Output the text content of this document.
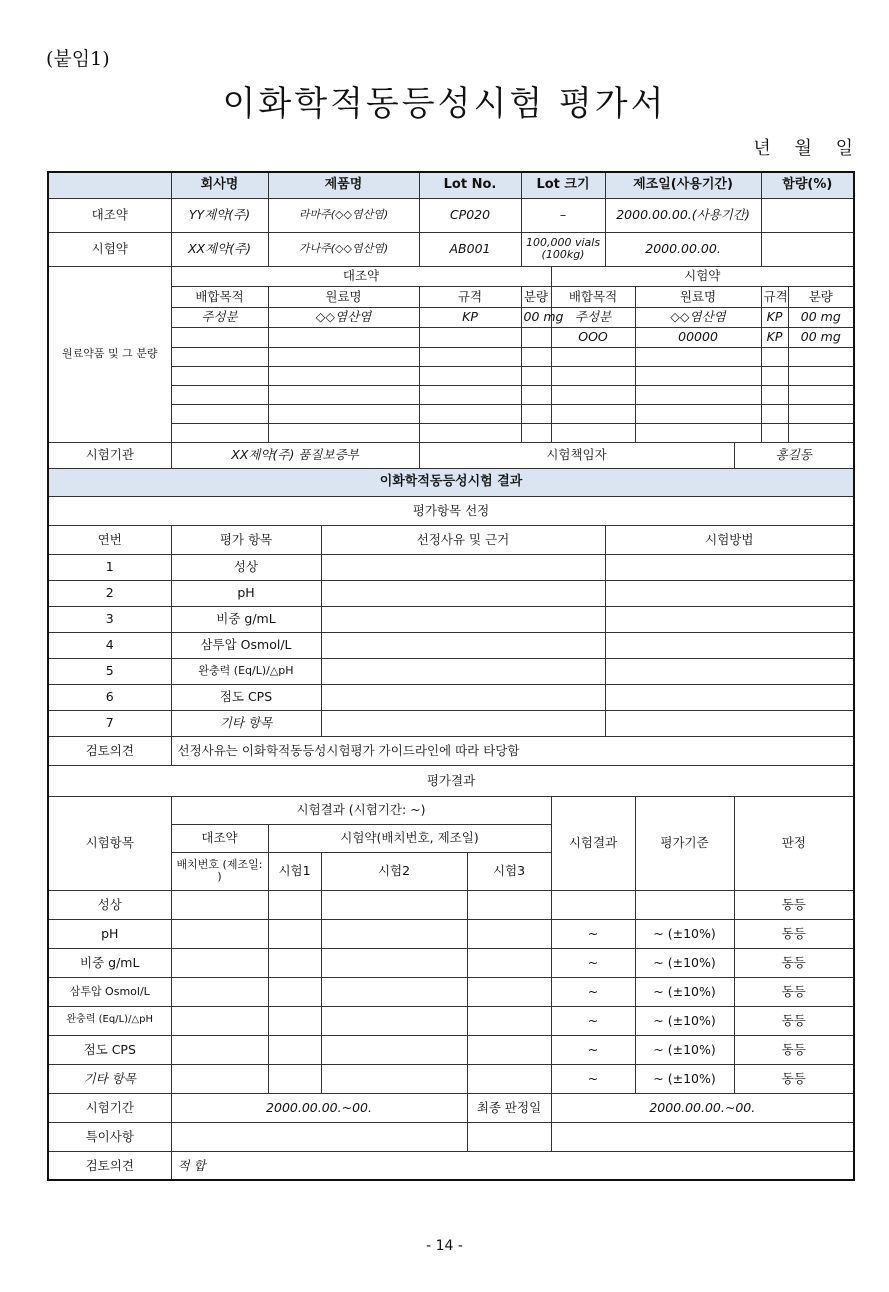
(붙임1)
이화학적동등성시험 평가서
년 월 일
	회사명	제품명		Lot No.		Lot 크기		제조일(사용기간)			함량(%)	
대조약	YY제약(주)	라마주(◇◇염산염)		CP020		–		2000.00.00.(사용기간)				
시험약	XX제약(주)	가나주(◇◇염산염)		AB001		100,000 vials (100kg)		2000.00.00.				
원료약품 및 그 분량	대조약						시험약					
	배합목적	원료명		규격		분량	배합목적		원료명		규격	분량
	주성분	◇◇염산염		KP		00 mg	주성분		◇◇염산염		KP	00 mg
							OOO		00000		KP	00 mg

시험기관	XX제약(주) 품질보증부			시험책임자						홍길동		
이화학적동등성시험 결과												
평가항목 선정												
연번	평가 항목		선정사유 및 근거					시험방법				
1	성상											
2	pH											
3	비중 g/mL											
4	삼투압 Osmol/L											
5	완충력 (Eq/L)/△pH											
6	점도 CPS											
7	기타 항목											
검토의견	선정사유는 이화학적동등성시험평가 가이드라인에 따라 타당함											
평가결과												
시험항목	시험결과 (시험기간: ~)						시험결과		평가기준	판정		
	대조약	시험약(배치번호, 제조일)										
	배치번호 (제조일: )	시험1	시험2		시험3							
성상										동등		
pH							~		~ (±10%)	동등		
비중 g/mL							~		~ (±10%)	동등		
삼투압 Osmol/L							~		~ (±10%)	동등		
완충력 (Eq/L)/△pH							~		~ (±10%)	동등		
점도 CPS							~		~ (±10%)	동등		
기타 항목							~		~ (±10%)	동등		
시험기간	2000.00.00.~00.				최종 판정일		2000.00.00.~00.					
특이사항												
검토의견	적 합											
- 14 -
